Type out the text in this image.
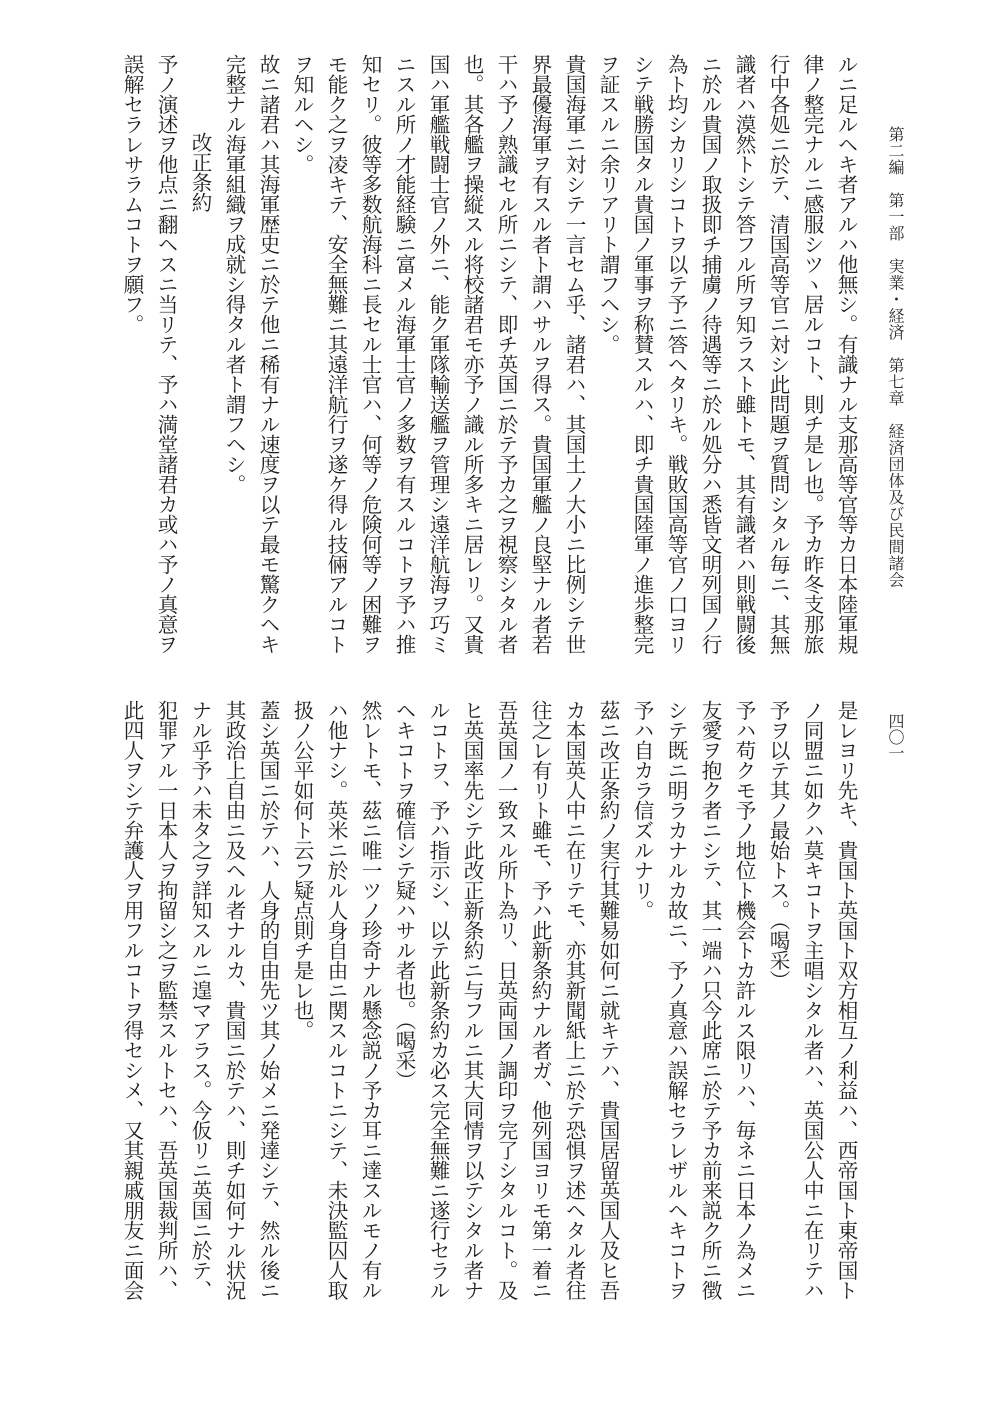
第二編　第一部　実業・経済　第七章　経済団体及び民間諸会
四〇一
ルニ足ルヘキ者アルハ他無シ。有識ナル支那高等官等カ日本陸軍規
律ノ整完ナルニ感服シツヽ居ルコト、則チ是レ也。予カ昨冬支那旅
行中各処ニ於テ、清国高等官ニ対シ此問題ヲ質問シタル毎ニ、其無
識者ハ漠然トシテ答フル所ヲ知ラスト雖トモ、其有識者ハ則戦闘後
ニ於ル貴国ノ取扱即チ捕虜ノ待遇等ニ於ル処分ハ悉皆文明列国ノ行
為ト均シカリシコトヲ以テ予ニ答ヘタリキ。戦敗国高等官ノ口ヨリ
シテ戦勝国タル貴国ノ軍事ヲ称賛スルハ、即チ貴国陸軍ノ進歩整完
ヲ証スルニ余リアリト謂フヘシ。
貴国海軍ニ対シテ一言セム乎、諸君ハ、其国土ノ大小ニ比例シテ世
界最優海軍ヲ有スル者ト謂ハサルヲ得ス。貴国軍艦ノ良堅ナル者若
干ハ予ノ熟識セル所ニシテ、即チ英国ニ於テ予カ之ヲ視察シタル者
也。其各艦ヲ操縦スル将校諸君モ亦予ノ識ル所多キニ居レリ。又貴
国ハ軍艦戦闘士官ノ外ニ、能ク軍隊輸送艦ヲ管理シ遠洋航海ヲ巧ミ
ニスル所ノ才能経験ニ富メル海軍士官ノ多数ヲ有スルコトヲ予ハ推
知セリ。彼等多数航海科ニ長セル士官ハ、何等ノ危険何等ノ困難ヲ
モ能ク之ヲ凌キテ、安全無難ニ其遠洋航行ヲ遂ケ得ル技倆アルコト
ヲ知ルヘシ。
故ニ諸君ハ其海軍歴史ニ於テ他ニ稀有ナル速度ヲ以テ最モ驚クヘキ
完整ナル海軍組織ヲ成就シ得タル者ト謂フヘシ。
改正条約
予ノ演述ヲ他点ニ翻ヘスニ当リテ、予ハ満堂諸君カ或ハ予ノ真意ヲ
誤解セラレサラムコトヲ願フ。
是レヨリ先キ、貴国ト英国ト双方相互ノ利益ハ、西帝国ト東帝国ト
ノ同盟ニ如クハ莫キコトヲ主唱シタル者ハ、英国公人中ニ在リテハ
予ヲ以テ其ノ最始トス。（喝采）
予ハ苟クモ予ノ地位ト機会トカ許ルス限リハ、毎ネニ日本ノ為メニ
友愛ヲ抱ク者ニシテ、其一端ハ只今此席ニ於テ予カ前来説ク所ニ徴
シテ既ニ明ラカナルカ故ニ、予ノ真意ハ誤解セラレザルヘキコトヲ
予ハ自カラ信ズルナリ。
茲ニ改正条約ノ実行其難易如何ニ就キテハ、貴国居留英国人及ヒ吾
カ本国英人中ニ在リテモ、亦其新聞紙上ニ於テ恐惧ヲ述ヘタル者往
往之レ有リト雖モ、予ハ此新条約ナル者ガ、他列国ヨリモ第一着ニ
吾英国ノ一致スル所ト為リ、日英両国ノ調印ヲ完了シタルコト。及
ヒ英国率先シテ此改正新条約ニ与フルニ其大同情ヲ以テシタル者ナ
ルコトヲ、予ハ指示シ、以テ此新条約カ必ス完全無難ニ遂行セラル
ヘキコトヲ確信シテ疑ハサル者也。（喝采）
然レトモ、茲ニ唯一ツノ珍奇ナル懸念説ノ予カ耳ニ達スルモノ有ル
ハ他ナシ。英米ニ於ル人身自由ニ関スルコトニシテ、未決監囚人取
扱ノ公平如何ト云フ疑点則チ是レ也。
蓋シ英国ニ於テハ、人身的自由先ツ其ノ始メニ発達シテ、然ル後ニ
其政治上自由ニ及ヘル者ナルカ、貴国ニ於テハ、則チ如何ナル状況
ナル乎予ハ未タ之ヲ詳知スルニ遑マアラス。今仮リニ英国ニ於テ、
犯罪アル一日本人ヲ拘留シ之ヲ監禁スルトセハ、吾英国裁判所ハ、
此四人ヲシテ弁護人ヲ用フルコトヲ得セシメ、又其親戚朋友ニ面会
